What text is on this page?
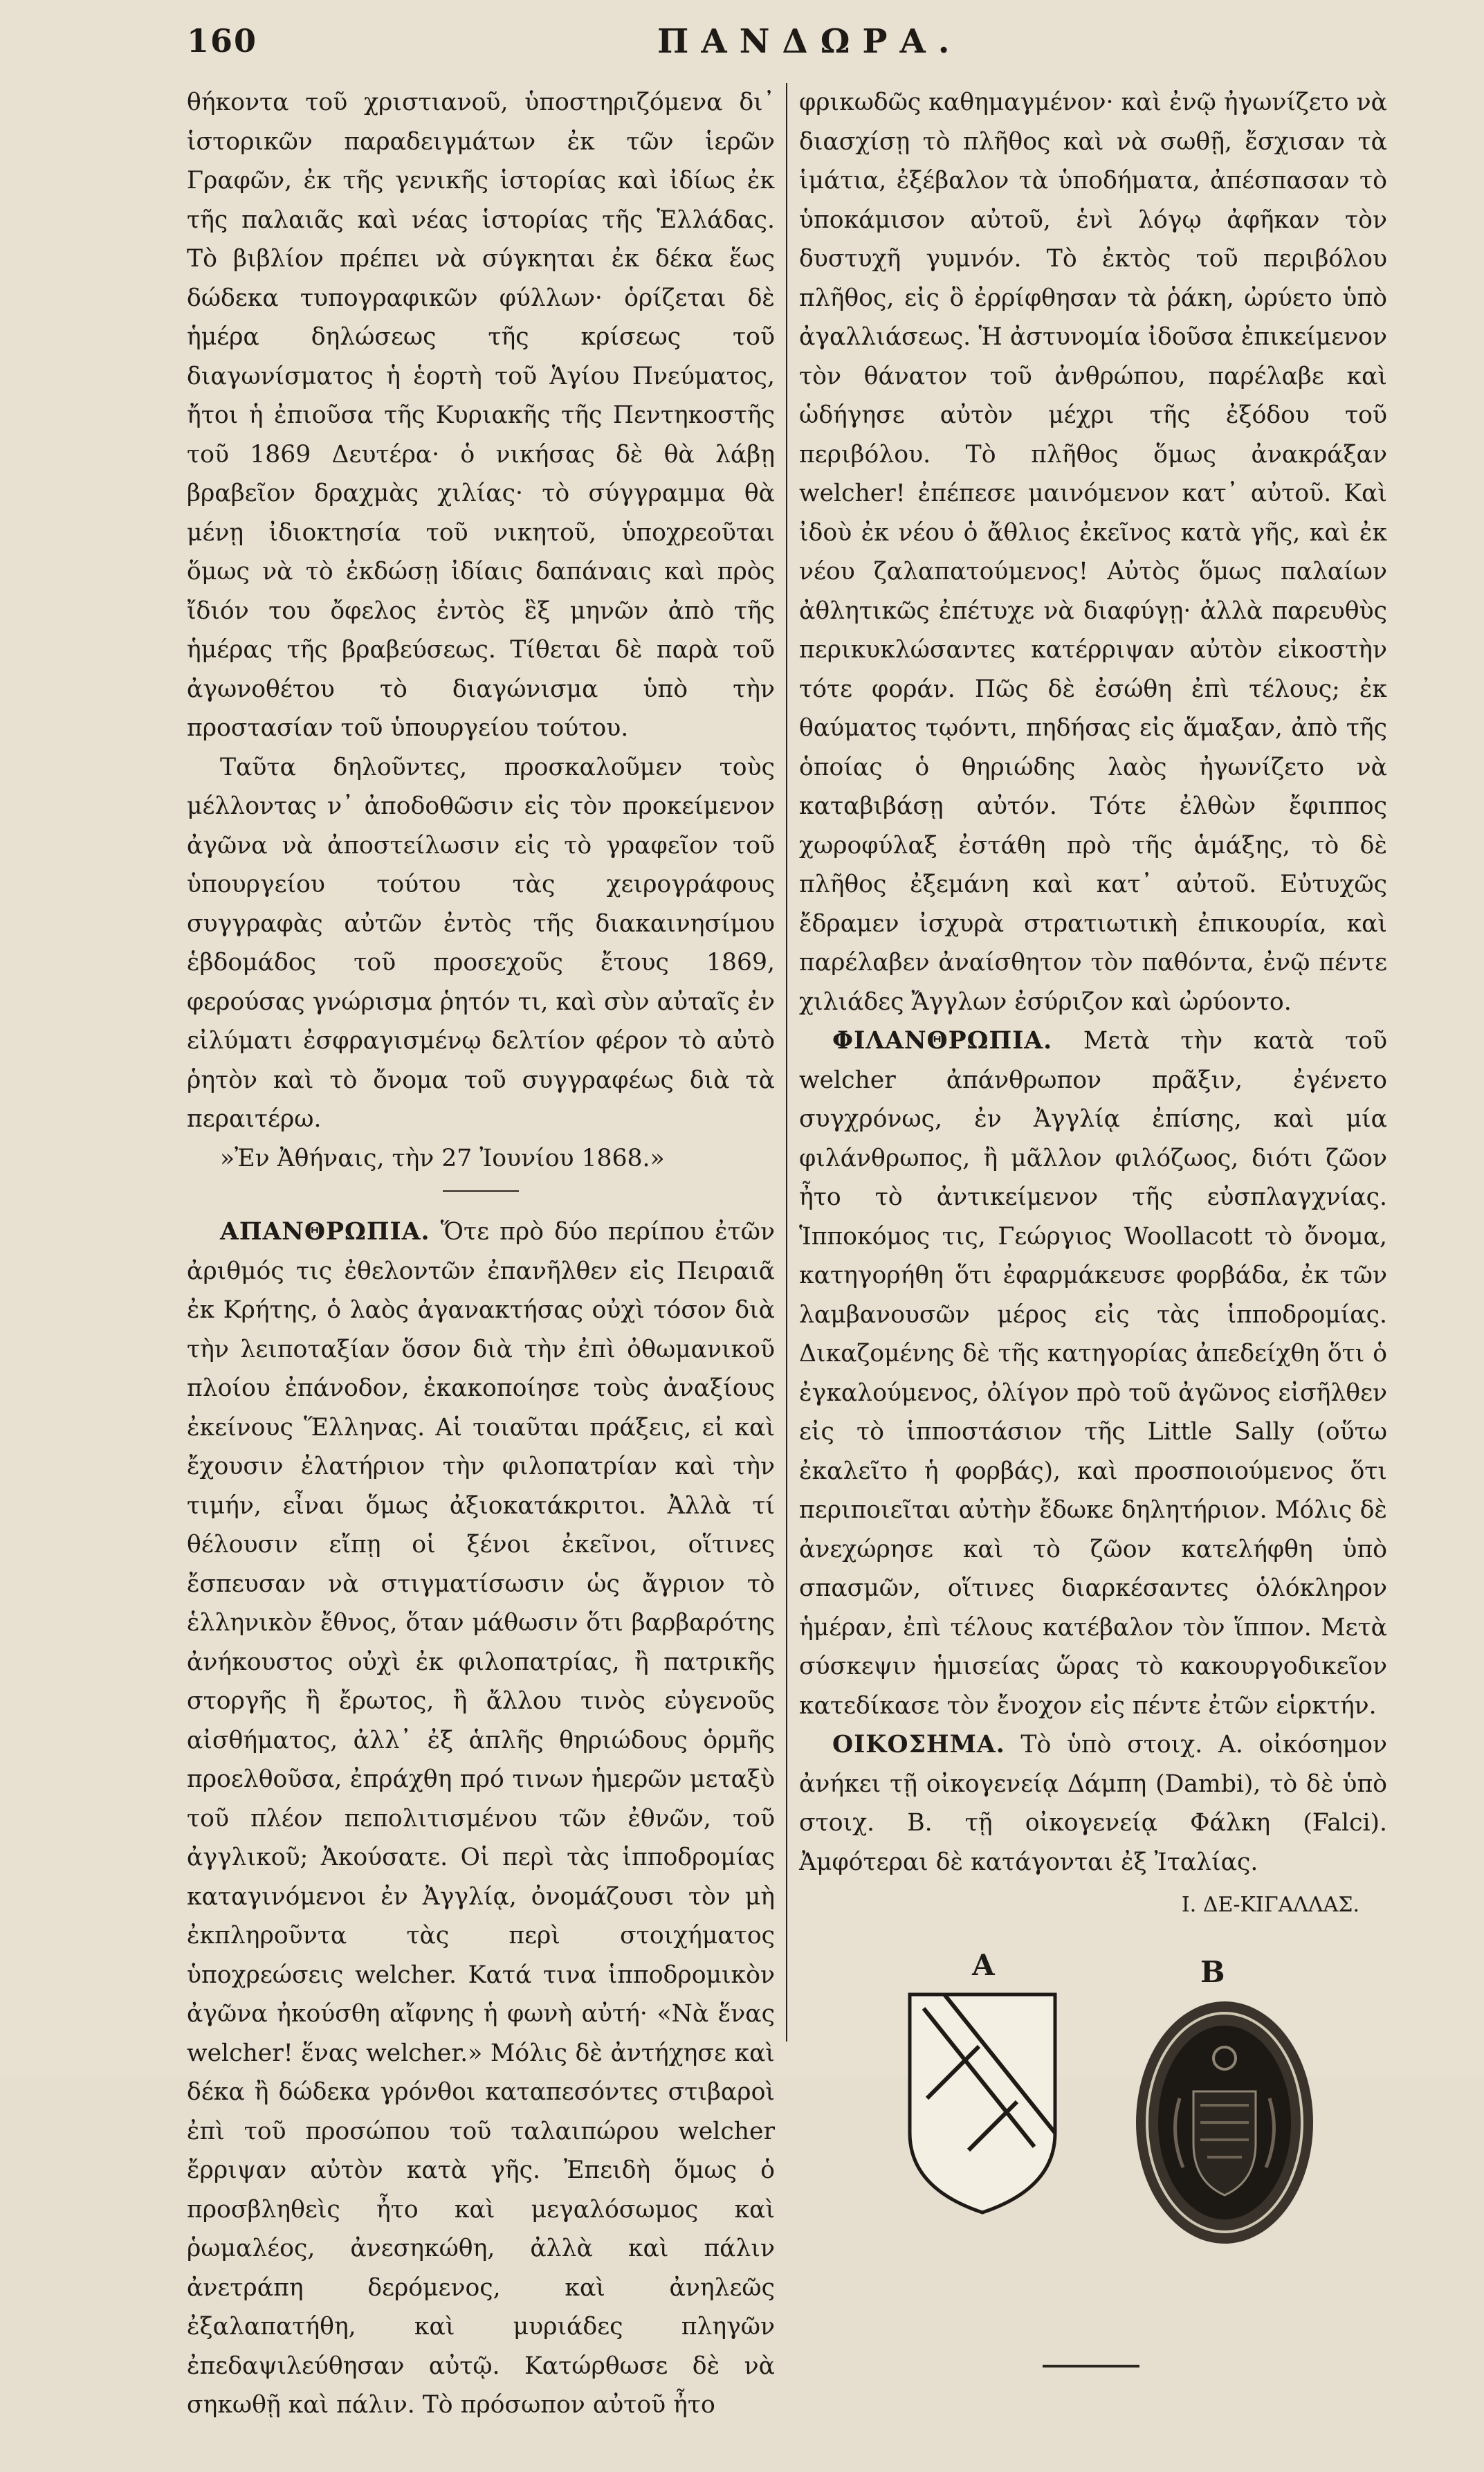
160	ΠΑΝΔΩΡΑ.

θήκοντα τοῦ χριστιανοῦ, ὑποστηριζόμενα δι᾽ ἱστορικῶν παραδειγμάτων ἐκ τῶν ἱερῶν Γραφῶν, ἐκ τῆς γενικῆς ἱστορίας καὶ ἰδίως ἐκ τῆς παλαιᾶς καὶ νέας ἱστορίας τῆς Ἑλλάδας. Τὸ βιβλίον πρέπει νὰ σύγκηται ἐκ δέκα ἕως δώδεκα τυπογραφικῶν φύλλων· ὁρίζεται δὲ ἡμέρα δηλώσεως τῆς κρίσεως τοῦ διαγωνίσματος ἡ ἑορτὴ τοῦ Ἁγίου Πνεύματος, ἤτοι ἡ ἐπιοῦσα τῆς Κυριακῆς τῆς Πεντηκοστῆς τοῦ 1869 Δευτέρα· ὁ νικήσας δὲ θὰ λάβῃ βραβεῖον δραχμὰς χιλίας· τὸ σύγγραμμα θὰ μένῃ ἰδιοκτησία τοῦ νικητοῦ, ὑποχρεοῦται ὅμως νὰ τὸ ἐκδώσῃ ἰδίαις δαπάναις καὶ πρὸς ἴδιόν του ὄφελος ἐντὸς ἓξ μηνῶν ἀπὸ τῆς ἡμέρας τῆς βραβεύσεως. Τίθεται δὲ παρὰ τοῦ ἀγωνοθέτου τὸ διαγώνισμα ὑπὸ τὴν προστασίαν τοῦ ὑπουργείου τούτου.

Ταῦτα δηλοῦντες, προσκαλοῦμεν τοὺς μέλλοντας ν᾽ ἀποδοθῶσιν εἰς τὸν προκείμενον ἀγῶνα νὰ ἀποστείλωσιν εἰς τὸ γραφεῖον τοῦ ὑπουργείου τούτου τὰς χειρογράφους συγγραφὰς αὐτῶν ἐντὸς τῆς διακαινησίμου ἑβδομάδος τοῦ προσεχοῦς ἔτους 1869, φερούσας γνώρισμα ῥητόν τι, καὶ σὺν αὐταῖς ἐν εἰλύματι ἐσφραγισμένῳ δελτίον φέρον τὸ αὐτὸ ῥητὸν καὶ τὸ ὄνομα τοῦ συγγραφέως διὰ τὰ περαιτέρω.

»Ἐν Ἀθήναις, τὴν 27 Ἰουνίου 1868.»

ΑΠΑΝΘΡΩΠΙΑ. Ὅτε πρὸ δύο περίπου ἐτῶν ἀριθμός τις ἐθελοντῶν ἐπανῆλθεν εἰς Πειραιᾶ ἐκ Κρήτης, ὁ λαὸς ἀγανακτήσας οὐχὶ τόσον διὰ τὴν λειποταξίαν ὅσον διὰ τὴν ἐπὶ ὀθωμανικοῦ πλοίου ἐπάνοδον, ἐκακοποίησε τοὺς ἀναξίους ἐκείνους Ἕλληνας. Αἱ τοιαῦται πράξεις, εἰ καὶ ἔχουσιν ἐλατήριον τὴν φιλοπατρίαν καὶ τὴν τιμήν, εἶναι ὅμως ἀξιοκατάκριτοι. Ἀλλὰ τί θέλουσιν εἴπῃ οἱ ξένοι ἐκεῖνοι, οἵτινες ἔσπευσαν νὰ στιγματίσωσιν ὡς ἄγριον τὸ ἑλληνικὸν ἔθνος, ὅταν μάθωσιν ὅτι βαρβαρότης ἀνήκουστος οὐχὶ ἐκ φιλοπατρίας, ἢ πατρικῆς στοργῆς ἢ ἔρωτος, ἢ ἄλλου τινὸς εὐγενοῦς αἰσθήματος, ἀλλ᾽ ἐξ ἁπλῆς θηριώδους ὁρμῆς προελθοῦσα, ἐπράχθη πρό τινων ἡμερῶν μεταξὺ τοῦ πλέον πεπολιτισμένου τῶν ἐθνῶν, τοῦ ἀγγλικοῦ; Ἀκούσατε. Οἱ περὶ τὰς ἱπποδρομίας καταγινόμενοι ἐν Ἀγγλίᾳ, ὀνομάζουσι τὸν μὴ ἐκπληροῦντα τὰς περὶ στοιχήματος ὑποχρεώσεις welcher. Κατά τινα ἱπποδρομικὸν ἀγῶνα ἠκούσθη αἴφνης ἡ φωνὴ αὐτή· «Νὰ ἕνας welcher! ἕνας welcher.» Μόλις δὲ ἀντήχησε καὶ δέκα ἢ δώδεκα γρόνθοι καταπεσόντες στιβαροὶ ἐπὶ τοῦ προσώπου τοῦ ταλαιπώρου welcher ἔρριψαν αὐτὸν κατὰ γῆς. Ἐπειδὴ ὅμως ὁ προσβληθεὶς ἦτο καὶ μεγαλόσωμος καὶ ῥωμαλέος, ἀνεσηκώθη, ἀλλὰ καὶ πάλιν ἀνετράπη δερόμενος, καὶ ἀνηλεῶς ἐξαλαπατήθη, καὶ μυριάδες πληγῶν ἐπεδαψιλεύθησαν αὐτῷ. Κατώρθωσε δὲ νὰ σηκωθῇ καὶ πάλιν. Τὸ πρόσωπον αὐτοῦ ἦτο

φρικωδῶς καθημαγμένον· καὶ ἐνῷ ἠγωνίζετο νὰ διασχίσῃ τὸ πλῆθος καὶ νὰ σωθῇ, ἔσχισαν τὰ ἱμάτια, ἐξέβαλον τὰ ὑποδήματα, ἀπέσπασαν τὸ ὑποκάμισον αὐτοῦ, ἑνὶ λόγῳ ἀφῆκαν τὸν δυστυχῆ γυμνόν. Τὸ ἐκτὸς τοῦ περιβόλου πλῆθος, εἰς ὃ ἐρρίφθησαν τὰ ῥάκη, ὠρύετο ὑπὸ ἀγαλλιάσεως. Ἡ ἀστυνομία ἰδοῦσα ἐπικείμενον τὸν θάνατον τοῦ ἀνθρώπου, παρέλαβε καὶ ὡδήγησε αὐτὸν μέχρι τῆς ἐξόδου τοῦ περιβόλου. Τὸ πλῆθος ὅμως ἀνακράξαν welcher! ἐπέπεσε μαινόμενον κατ᾽ αὐτοῦ. Καὶ ἰδοὺ ἐκ νέου ὁ ἄθλιος ἐκεῖνος κατὰ γῆς, καὶ ἐκ νέου ζαλαπατούμενος! Αὐτὸς ὅμως παλαίων ἀθλητικῶς ἐπέτυχε νὰ διαφύγῃ· ἀλλὰ παρευθὺς περικυκλώσαντες κατέρριψαν αὐτὸν εἰκοστὴν τότε φοράν. Πῶς δὲ ἐσώθη ἐπὶ τέλους; ἐκ θαύματος τῳόντι, πηδήσας εἰς ἅμαξαν, ἀπὸ τῆς ὁποίας ὁ θηριώδης λαὸς ἠγωνίζετο νὰ καταβιβάσῃ αὐτόν. Τότε ἐλθὼν ἔφιππος χωροφύλαξ ἐστάθη πρὸ τῆς ἁμάξης, τὸ δὲ πλῆθος ἐξεμάνη καὶ κατ᾽ αὐτοῦ. Εὐτυχῶς ἔδραμεν ἰσχυρὰ στρατιωτικὴ ἐπικουρία, καὶ παρέλαβεν ἀναίσθητον τὸν παθόντα, ἐνῷ πέντε χιλιάδες Ἄγγλων ἐσύριζον καὶ ὠρύοντο.

ΦΙΛΑΝΘΡΩΠΙΑ. Μετὰ τὴν κατὰ τοῦ welcher ἀπάνθρωπον πρᾶξιν, ἐγένετο συγχρόνως, ἐν Ἀγγλίᾳ ἐπίσης, καὶ μία φιλάνθρωπος, ἢ μᾶλλον φιλόζωος, διότι ζῶον ἦτο τὸ ἀντικείμενον τῆς εὐσπλαγχνίας. Ἱπποκόμος τις, Γεώργιος Woollacott τὸ ὄνομα, κατηγορήθη ὅτι ἐφαρμάκευσε φορβάδα, ἐκ τῶν λαμβανουσῶν μέρος εἰς τὰς ἱπποδρομίας. Δικαζομένης δὲ τῆς κατηγορίας ἀπεδείχθη ὅτι ὁ ἐγκαλούμενος, ὀλίγον πρὸ τοῦ ἀγῶνος εἰσῆλθεν εἰς τὸ ἱπποστάσιον τῆς Little Sally (οὕτω ἐκαλεῖτο ἡ φορβάς), καὶ προσποιούμενος ὅτι περιποιεῖται αὐτὴν ἔδωκε δηλητήριον. Μόλις δὲ ἀνεχώρησε καὶ τὸ ζῶον κατελήφθη ὑπὸ σπασμῶν, οἵτινες διαρκέσαντες ὁλόκληρον ἡμέραν, ἐπὶ τέλους κατέβαλον τὸν ἵππον. Μετὰ σύσκεψιν ἡμισείας ὥρας τὸ κακουργοδικεῖον κατεδίκασε τὸν ἔνοχον εἰς πέντε ἐτῶν εἱρκτήν.

ΟΙΚΟΣΗΜΑ. Τὸ ὑπὸ στοιχ. Α. οἰκόσημον ἀνήκει τῇ οἰκογενείᾳ Δάμπη (Dambi), τὸ δὲ ὑπὸ στοιχ. Β. τῇ οἰκογενείᾳ Φάλκη (Falci). Ἀμφότεραι δὲ κατάγονται ἐξ Ἰταλίας.

Ι. ΔΕ-ΚΙΓΑΛΛΑΣ.

A	B
